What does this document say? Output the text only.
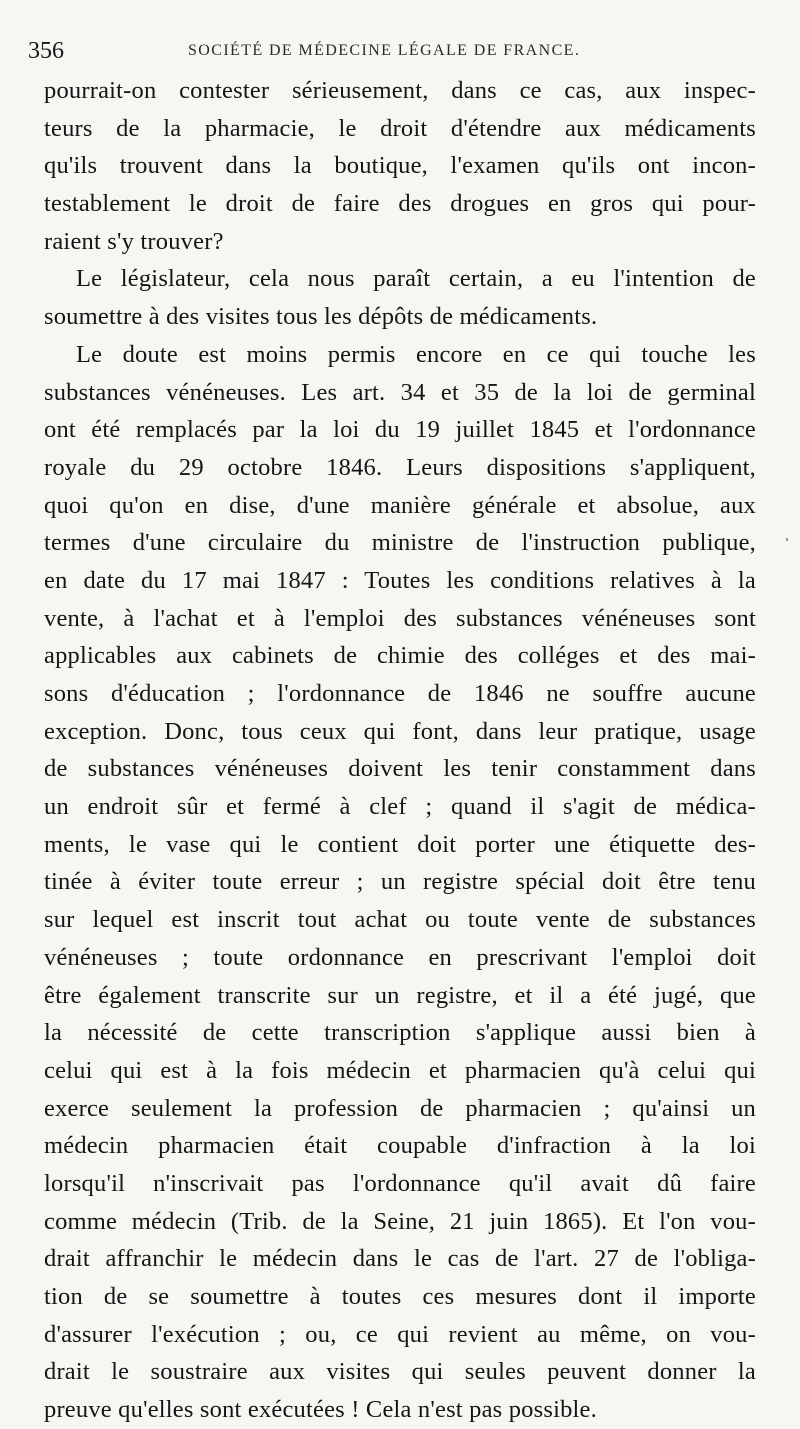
356	SOCIÉTÉ DE MÉDECINE LÉGALE DE FRANCE.
pourrait-on contester sérieusement, dans ce cas, aux inspec-
teurs de la pharmacie, le droit d'étendre aux médicaments
qu'ils trouvent dans la boutique, l'examen qu'ils ont incon-
testablement le droit de faire des drogues en gros qui pour-
raient s'y trouver?
Le législateur, cela nous paraît certain, a eu l'intention de
soumettre à des visites tous les dépôts de médicaments.
Le doute est moins permis encore en ce qui touche les
substances vénéneuses. Les art. 34 et 35 de la loi de germinal
ont été remplacés par la loi du 19 juillet 1845 et l'ordonnance
royale du 29 octobre 1846. Leurs dispositions s'appliquent,
quoi qu'on en dise, d'une manière générale et absolue, aux
termes d'une circulaire du ministre de l'instruction publique,
en date du 17 mai 1847 : Toutes les conditions relatives à la
vente, à l'achat et à l'emploi des substances vénéneuses sont
applicables aux cabinets de chimie des colléges et des mai-
sons d'éducation ; l'ordonnance de 1846 ne souffre aucune
exception. Donc, tous ceux qui font, dans leur pratique, usage
de substances vénéneuses doivent les tenir constamment dans
un endroit sûr et fermé à clef ; quand il s'agit de médica-
ments, le vase qui le contient doit porter une étiquette des-
tinée à éviter toute erreur ; un registre spécial doit être tenu
sur lequel est inscrit tout achat ou toute vente de substances
vénéneuses ; toute ordonnance en prescrivant l'emploi doit
être également transcrite sur un registre, et il a été jugé, que
la nécessité de cette transcription s'applique aussi bien à
celui qui est à la fois médecin et pharmacien qu'à celui qui
exerce seulement la profession de pharmacien ; qu'ainsi un
médecin pharmacien était coupable d'infraction à la loi
lorsqu'il n'inscrivait pas l'ordonnance qu'il avait dû faire
comme médecin (Trib. de la Seine, 21 juin 1865). Et l'on vou-
drait affranchir le médecin dans le cas de l'art. 27 de l'obliga-
tion de se soumettre à toutes ces mesures dont il importe
d'assurer l'exécution ; ou, ce qui revient au même, on vou-
drait le soustraire aux visites qui seules peuvent donner la
preuve qu'elles sont exécutées ! Cela n'est pas possible.
